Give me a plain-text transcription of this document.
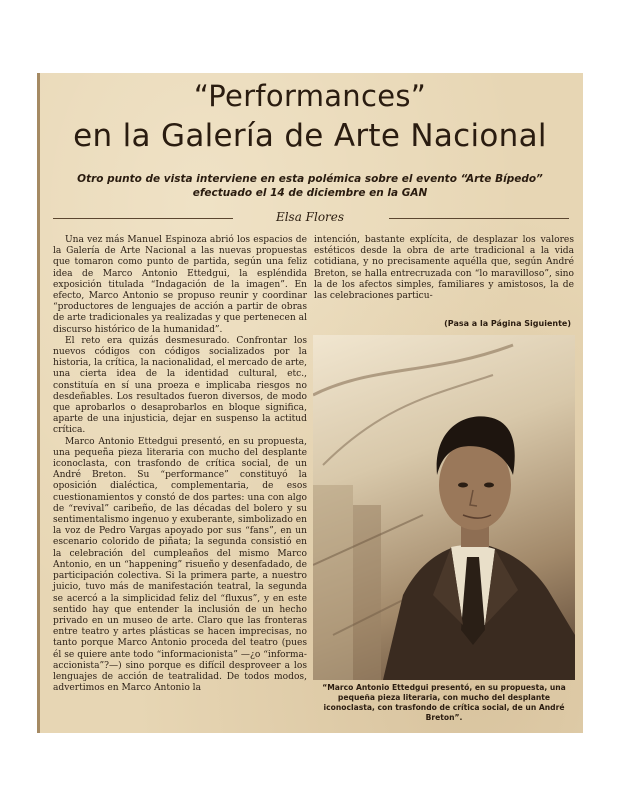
“Performances”
en la Galería de Arte Nacional

Otro punto de vista interviene en esta polémica sobre el evento “Arte Bípedo” efectuado el 14 de diciembre en la GAN

Elsa Flores

Una vez más Manuel Espinoza abrió los espacios de la Galería de Arte Nacional a las nuevas propuestas que tomaron como punto de partida, según una feliz idea de Marco Antonio Ettedgui, la espléndida exposición titulada “Indagación de la imagen”. En efecto, Marco Antonio se propuso reunir y coordinar “productores de lenguajes de acción a partir de obras de arte tradicionales ya realizadas y que pertenecen al discurso histórico de la humanidad”.

El reto era quizás desmesurado. Confrontar los nuevos códigos con códigos socializados por la historia, la crítica, la nacionalidad, el mercado de arte, una cierta idea de la identidad cultural, etc., constituía en sí una proeza e implicaba riesgos no desdeñables. Los resultados fueron diversos, de modo que aprobarlos o desaprobarlos en bloque significa, aparte de una injusticia, dejar en suspenso la actitud crítica.

Marco Antonio Ettedgui presentó, en su propuesta, una pequeña pieza literaria con mucho del desplante iconoclasta, con trasfondo de crítica social, de un André Breton. Su “performance” constituyó la oposición dialéctica, complementaria, de esos cuestionamientos y constó de dos partes: una con algo de “revival” caribeño, de las décadas del bolero y su sentimentalismo ingenuo y exuberante, simbolizado en la voz de Pedro Vargas apoyado por sus “fans”, en un escenario colorido de piñata; la segunda consistió en la celebración del cumpleaños del mismo Marco Antonio, en un “happening” risueño y desenfadado, de participación colectiva. Si la primera parte, a nuestro juicio, tuvo más de manifestación teatral, la segunda se acercó a la simplicidad feliz del “fluxus”, y en este sentido hay que entender la inclusión de un hecho privado en un museo de arte. Claro que las fronteras entre teatro y artes plásticas se hacen imprecisas, no tanto porque Marco Antonio proceda del teatro (pues él se quiere ante todo “informacionista” —¿o “informa-accionista”?—) sino porque es difícil desproveer a los lenguajes de acción de teatralidad. De todos modos, advertimos en Marco Antonio la

intención, bastante explícita, de desplazar los valores estéticos desde la obra de arte tradicional a la vida cotidiana, y no precisamente aquélla que, según André Breton, se halla entrecruzada con “lo maravilloso”, sino la de los afectos simples, familiares y amistosos, la de las celebraciones particu-

(Pasa a la Página Siguiente)
“Marco Antonio Ettedgui presentó, en su propuesta, una pequeña pieza literaria, con mucho del desplante iconoclasta, con trasfondo de crítica social, de un André Breton”.
